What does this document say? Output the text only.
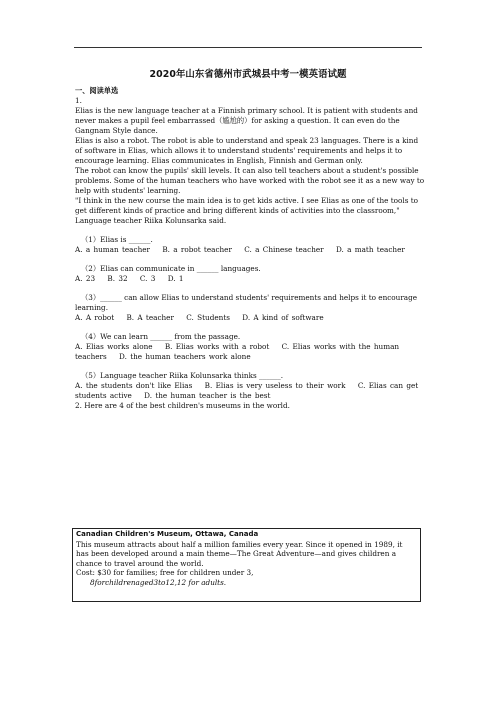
2020年山东省德州市武城县中考一模英语试题

一、阅读单选

1.

Elias is the new language teacher at a Finnish primary school. It is patient with students and never makes a pupil feel embarrassed（尴尬的）for asking a question. It can even do the Gangnam Style dance.

Elias is also a robot. The robot is able to understand and speak 23 languages. There is a kind of software in Elias, which allows it to understand students' requirements and helps it to encourage learning. Elias communicates in English, Finnish and German only.

The robot can know the pupils' skill levels. It can also tell teachers about a student's possible problems. Some of the human teachers who have worked with the robot see it as a new way to help with students' learning.

"I think in the new course the main idea is to get kids active. I see Elias as one of the tools to get different kinds of practice and bring different kinds of activities into the classroom," Language teacher Riika Kolunsarka said.

（1）Elias is ______.

A. a human teacher B. a robot teacher C. a Chinese teacher D. a math teacher

（2）Elias can communicate in ______ languages.

A. 23 B. 32 C. 3 D. 1

（3）______ can allow Elias to understand students' requirements and helps it to encourage learning.

A. A robot B. A teacher C. Students D. A kind of software

（4）We can learn ______ from the passage.

A. Elias works alone B. Elias works with a robot C. Elias works with the human teachers D. the human teachers work alone

（5）Language teacher Riika Kolunsarka thinks ______.

A. the students don't like Elias B. Elias is very useless to their work C. Elias can get students active D. the human teacher is the best

2. Here are 4 of the best children's museums in the world.

Canadian Children's Museum, Ottawa, Canada
This museum attracts about half a million families every year. Since it opened in 1989, it has been developed around a main theme—The Great Adventure—and gives children a chance to travel around the world.
Cost: $30 for families; free for children under 3,
8forchildrenaged3to12,12 for adults.
